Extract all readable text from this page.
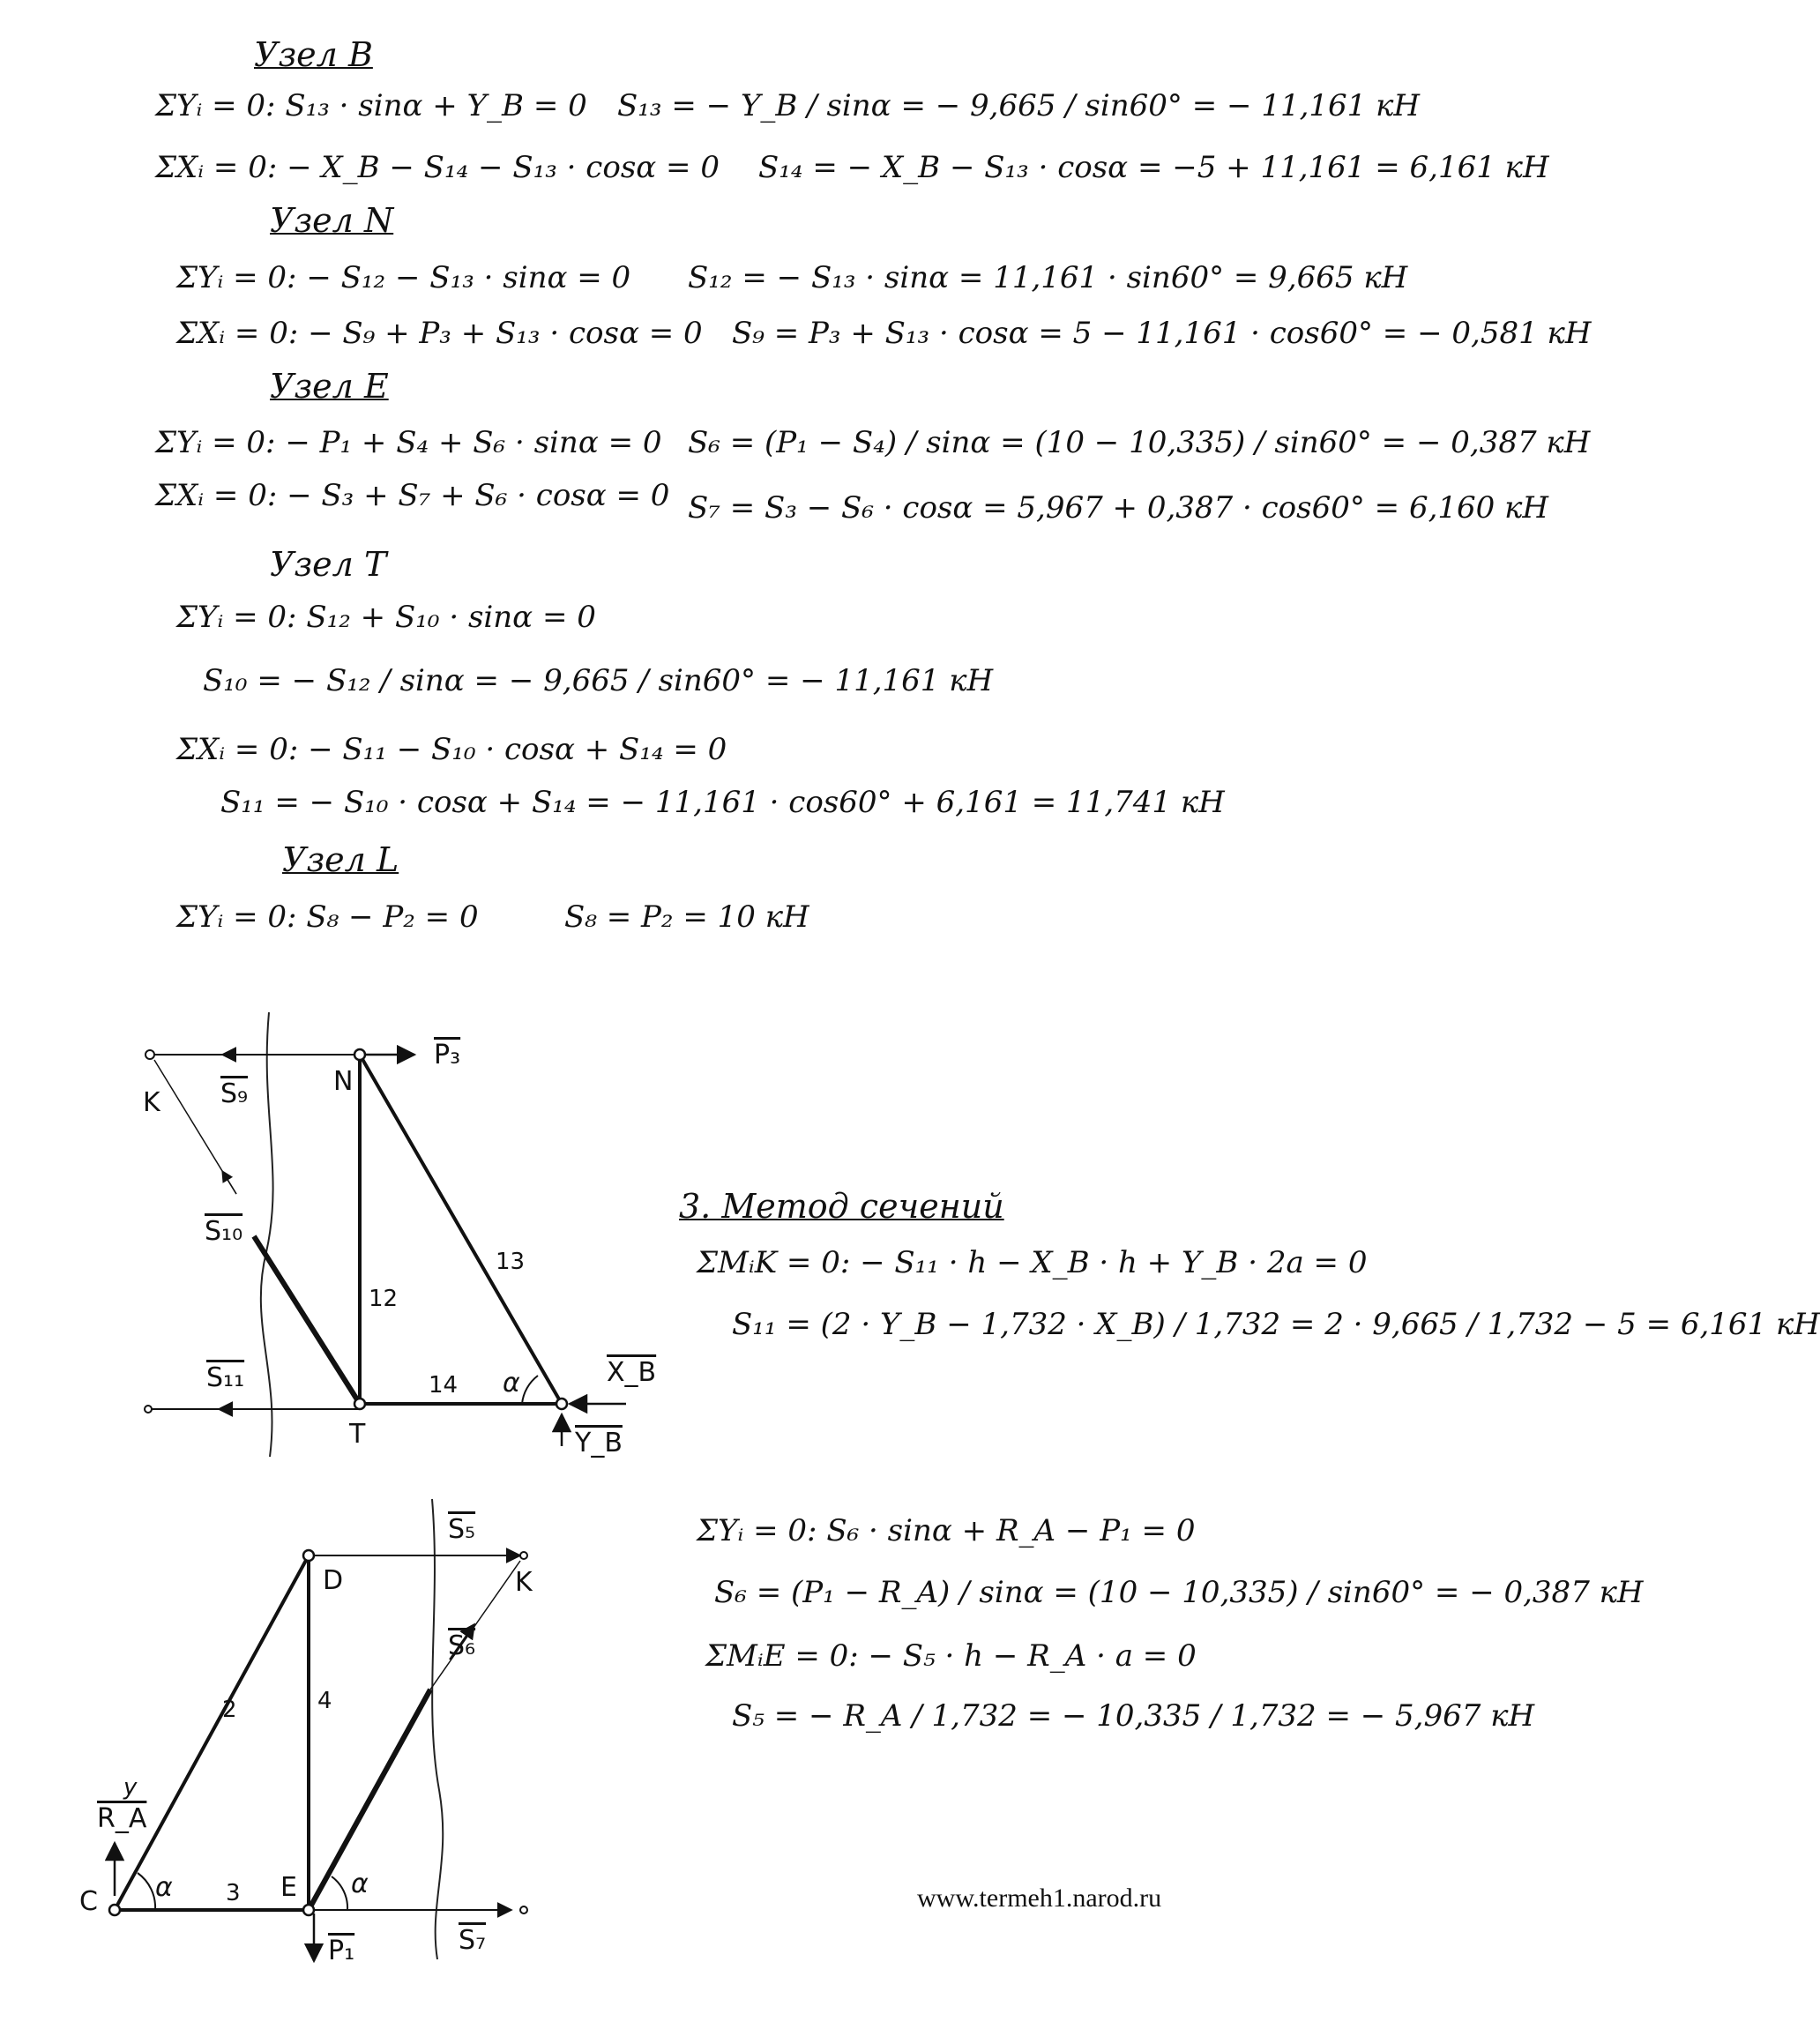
Узел B
ΣYᵢ = 0: S₁₃ · sinα + Y_B = 0 S₁₃ = − Y_B / sinα = − 9,665 / sin60° = − 11,161 кН
ΣXᵢ = 0: − X_B − S₁₄ − S₁₃ · cosα = 0 S₁₄ = − X_B − S₁₃ · cosα = −5 + 11,161 = 6,161 кН
Узел N
ΣYᵢ = 0: − S₁₂ − S₁₃ · sinα = 0 S₁₂ = − S₁₃ · sinα = 11,161 · sin60° = 9,665 кН
ΣXᵢ = 0: − S₉ + P₃ + S₁₃ · cosα = 0 S₉ = P₃ + S₁₃ · cosα = 5 − 11,161 · cos60° = − 0,581 кН
Узел E
ΣYᵢ = 0: − P₁ + S₄ + S₆ · sinα = 0 S₆ = (P₁ − S₄) / sinα = (10 − 10,335) / sin60° = − 0,387 кН
ΣXᵢ = 0: − S₃ + S₇ + S₆ · cosα = 0 S₇ = S₃ − S₆ · cosα = 5,967 + 0,387 · cos60° = 6,160 кН
Узел T
ΣYᵢ = 0: S₁₂ + S₁₀ · sinα = 0
S₁₀ = − S₁₂ / sinα = − 9,665 / sin60° = − 11,161 кН
ΣXᵢ = 0: − S₁₁ − S₁₀ · cosα + S₁₄ = 0
S₁₁ = − S₁₀ · cosα + S₁₄ = − 11,161 · cos60° + 6,161 = 11,741 кН
Узел L
ΣYᵢ = 0: S₈ − P₂ = 0	S₈ = P₂ = 10 кН
3. Метод сечений
ΣMᵢK = 0: − S₁₁ · h − X_B · h + Y_B · 2a = 0
S₁₁ = (2 · Y_B − 1,732 · X_B) / 1,732 = 2 · 9,665 / 1,732 − 5 = 6,161 кН
ΣYᵢ = 0: S₆ · sinα + R_A − P₁ = 0
S₆ = (P₁ − R_A) / sinα = (10 − 10,335) / sin60° = − 0,387 кН
ΣMᵢE = 0: − S₅ · h − R_A · a = 0
S₅ = − R_A / 1,732 = − 10,335 / 1,732 = − 5,967 кН
K S₉	N
P₃
S₁₀
12
13
S₁₁	14 α	X_B
T	Y_B
S₅
D	K
S₆
2	4
y
R_A
C α 3 E α
P₁	S₇
www.termeh1.narod.ru
